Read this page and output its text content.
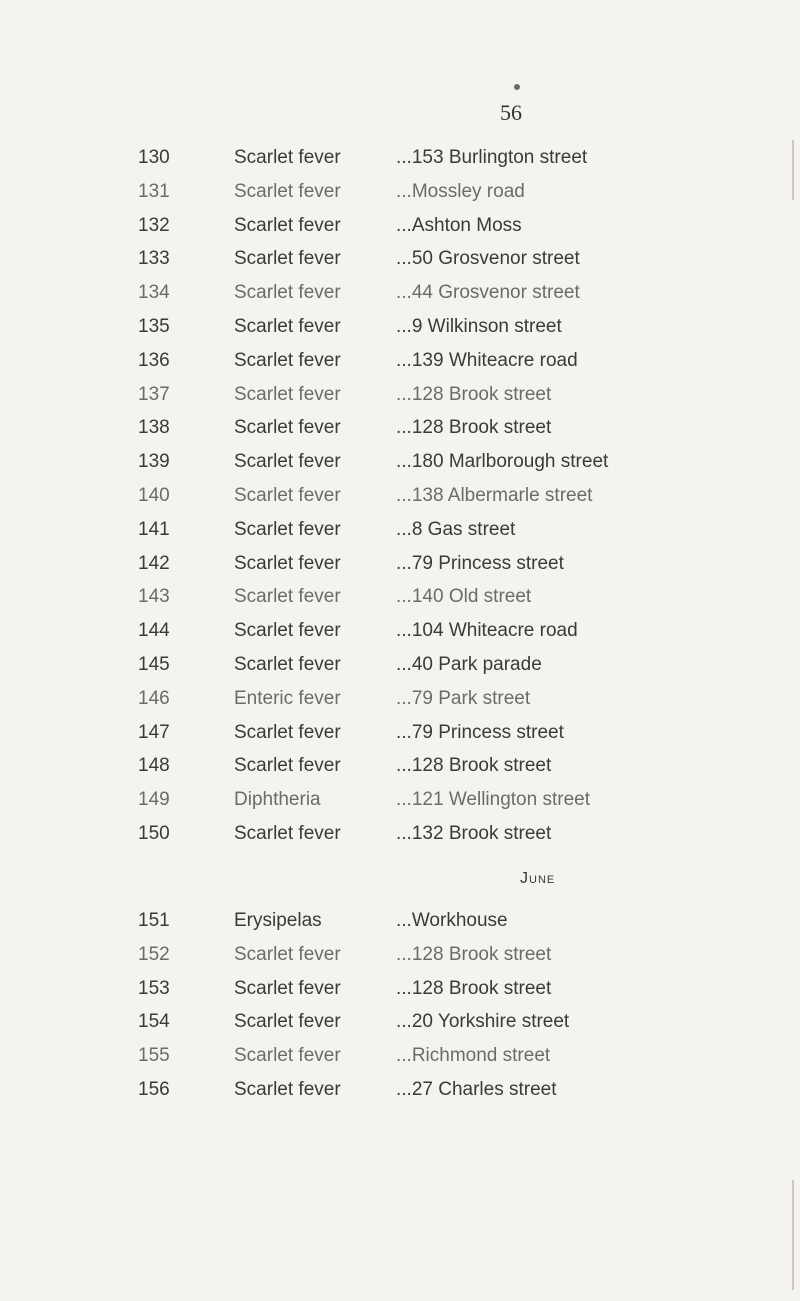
56
130	Scarlet fever	...153 Burlington street
131	Scarlet fever	...Mossley road
132	Scarlet fever	...Ashton Moss
133	Scarlet fever	...50 Grosvenor street
134	Scarlet fever	...44 Grosvenor street
135	Scarlet fever	...9 Wilkinson street
136	Scarlet fever	...139 Whiteacre road
137	Scarlet fever	...128 Brook street
138	Scarlet fever	...128 Brook street
139	Scarlet fever	...180 Marlborough street
140	Scarlet fever	...138 Albermarle street
141	Scarlet fever	...8 Gas street
142	Scarlet fever	...79 Princess street
143	Scarlet fever	...140 Old street
144	Scarlet fever	...104 Whiteacre road
145	Scarlet fever	...40 Park parade
146	Enteric fever	...79 Park street
147	Scarlet fever	...79 Princess street
148	Scarlet fever	...128 Brook street
149	Diphtheria	...121 Wellington street
150	Scarlet fever	...132 Brook street
June
151	Erysipelas	...Workhouse
152	Scarlet fever	...128 Brook street
153	Scarlet fever	...128 Brook street
154	Scarlet fever	...20 Yorkshire street
155	Scarlet fever	...Richmond street
156	Scarlet fever	...27 Charles street
